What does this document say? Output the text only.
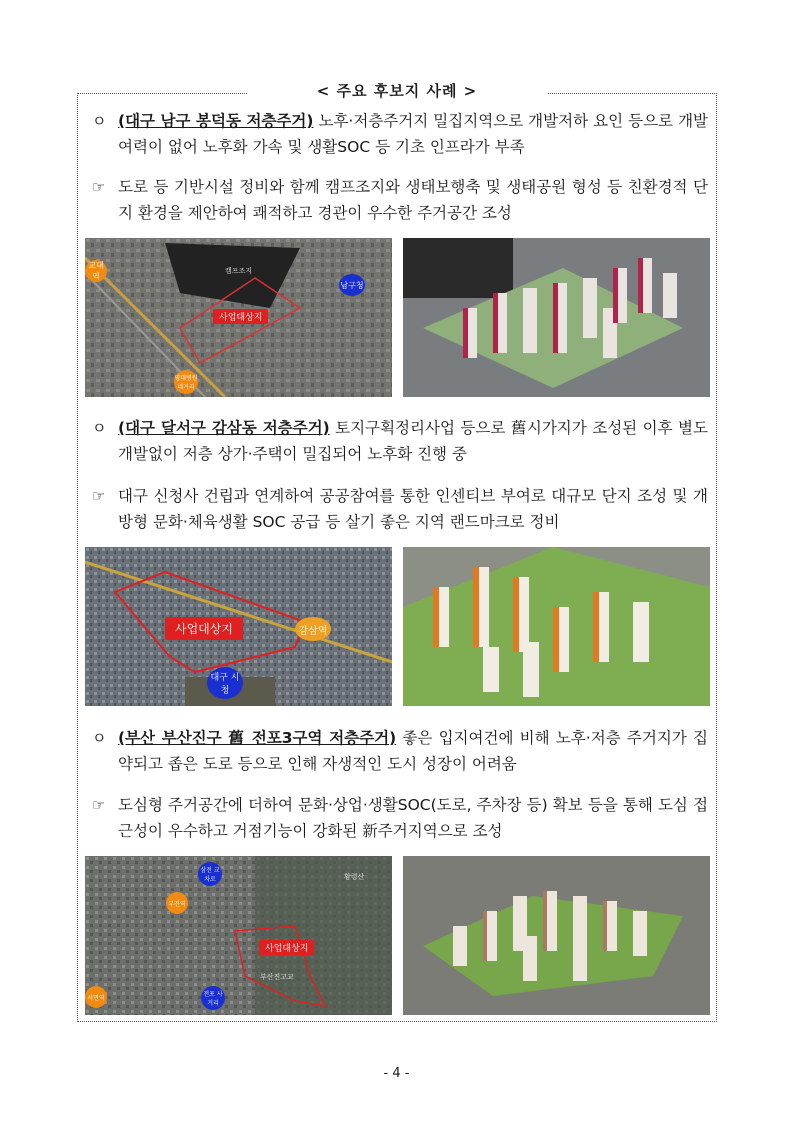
< 주요 후보지 사례 >
ㅇ (대구 남구 봉덕동 저층주거) 노후·저층주거지 밀집지역으로 개발저하 요인 등으로 개발여력이 없어 노후화 가속 및 생활SOC 등 기초 인프라가 부족
☞ 도로 등 기반시설 정비와 함께 캠프조지와 생태보행축 및 생태공원 형성 등 친환경적 단지 환경을 제안하여 쾌적하고 경관이 우수한 주거공간 조성
사업대상지
캠프조지
교대역
남구청
영대병원 네거리
ㅇ (대구 달서구 감삼동 저층주거) 토지구획정리사업 등으로 舊시가지가 조성된 이후 별도 개발없이 저층 상가·주택이 밀집되어 노후화 진행 중
☞ 대구 신청사 건립과 연계하여 공공참여를 통한 인센티브 부여로 대규모 단지 조성 및 개방형 문화·체육생활 SOC 공급 등 살기 좋은 지역 랜드마크로 정비
사업대상지	감삼역
대구 시청
ㅇ (부산 부산진구 舊 전포3구역 저층주거) 좋은 입지여건에 비해 노후·저층 주거지가 집약되고 좁은 도로 등으로 인해 자생적인 도시 성장이 어려움
☞ 도심형 주거공간에 더하여 문화·상업·생활SOC(도로, 주차장 등) 확보 등을 통해 도심 접근성이 우수하고 거점기능이 강화된 新주거지역으로 조성
사업대상지
황령산
부산진고교
서면역
부전역
전포 사거리
삼전 교차로
- 4 -
